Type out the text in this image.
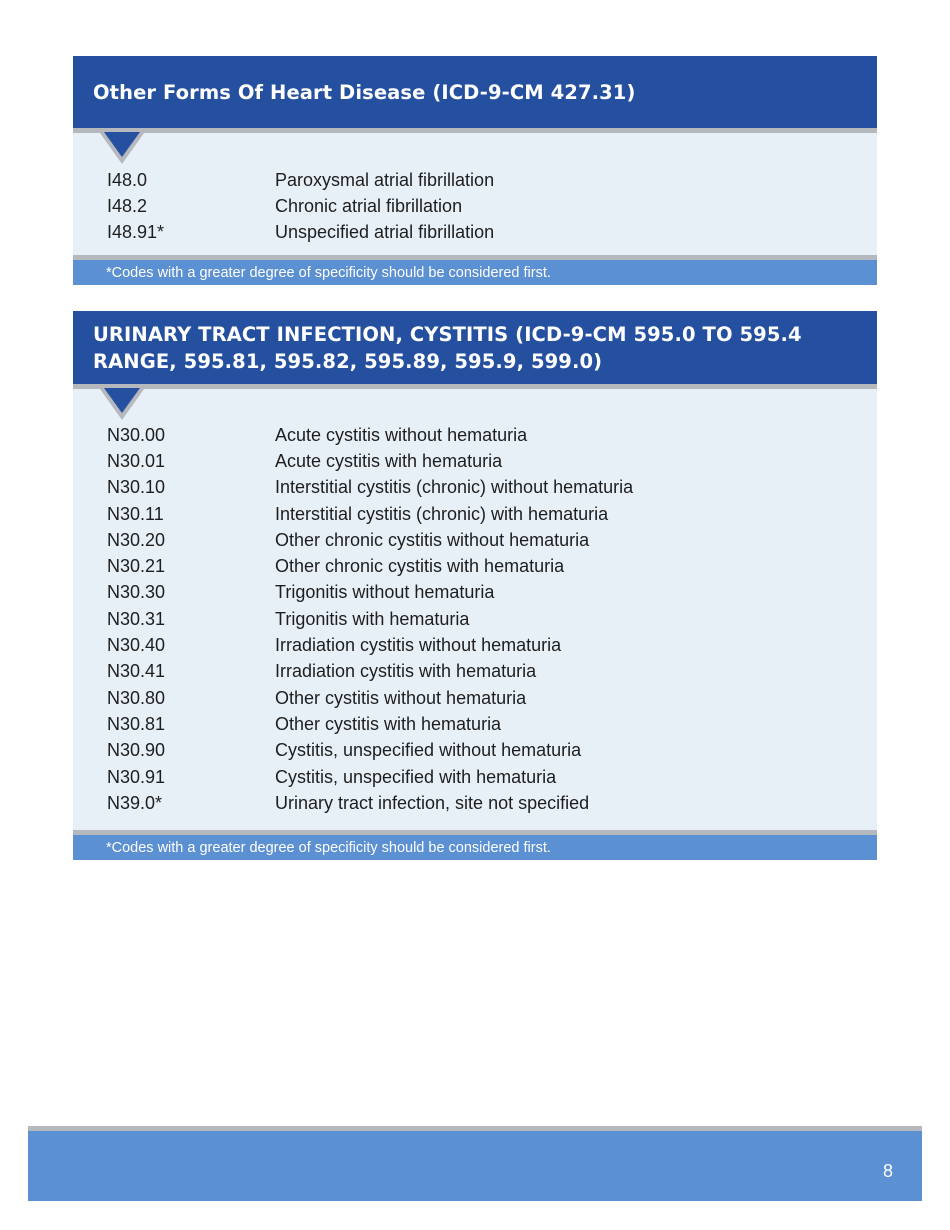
Other Forms Of Heart Disease (ICD-9-CM 427.31)
I48.0	Paroxysmal atrial fibrillation
I48.2	Chronic atrial fibrillation
I48.91*	Unspecified atrial fibrillation
*Codes with a greater degree of specificity should be considered first.
URINARY TRACT INFECTION, CYSTITIS (ICD-9-CM 595.0 TO 595.4
RANGE, 595.81, 595.82, 595.89, 595.9, 599.0)
N30.00	Acute cystitis without hematuria
N30.01	Acute cystitis with hematuria
N30.10	Interstitial cystitis (chronic) without hematuria
N30.11	Interstitial cystitis (chronic) with hematuria
N30.20	Other chronic cystitis without hematuria
N30.21	Other chronic cystitis with hematuria
N30.30	Trigonitis without hematuria
N30.31	Trigonitis with hematuria
N30.40	Irradiation cystitis without hematuria
N30.41	Irradiation cystitis with hematuria
N30.80	Other cystitis without hematuria
N30.81	Other cystitis with hematuria
N30.90	Cystitis, unspecified without hematuria
N30.91	Cystitis, unspecified with hematuria
N39.0*	Urinary tract infection, site not specified
*Codes with a greater degree of specificity should be considered first.
8
